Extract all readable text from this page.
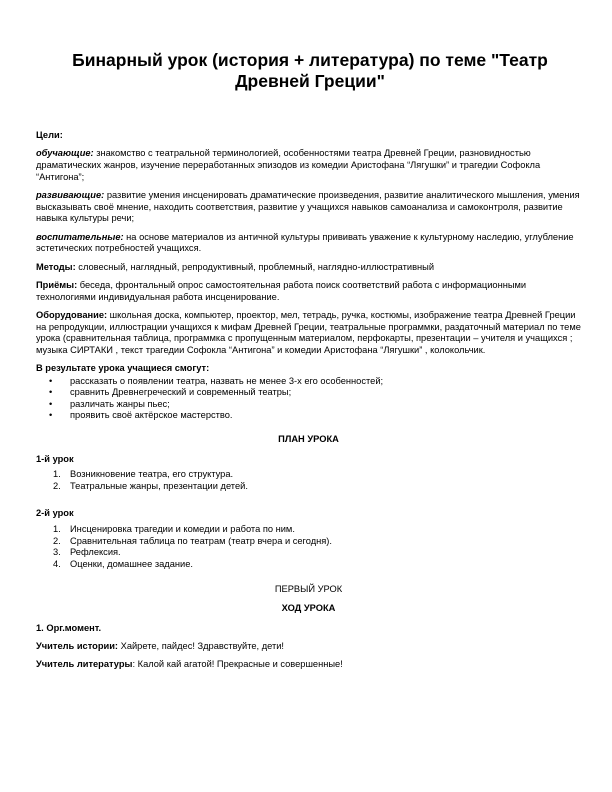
Бинарный урок (история + литература) по теме "Театр
Древней Греции"

Цели:

обучающие: знакомство с театральной терминологией, особенностями театра Древней Греции, разновидностью драматических жанров, изучение переработанных эпизодов из комедии Аристофана “Лягушки” и трагедии Софокла “Антигона”;

развивающие: развитие умения инсценировать драматические произведения, развитие аналитического мышления, умения высказывать своё мнение, находить соответствия, развитие у учащихся навыков самоанализа и самоконтроля, развитие навыка культуры речи;

воспитательные: на основе материалов из античной культуры прививать уважение к культурному наследию, углубление эстетических потребностей учащихся.

Методы: словесный, наглядный, репродуктивный, проблемный, наглядно-иллюстративный

Приёмы: беседа, фронтальный опрос самостоятельная работа поиск соответствий работа с информационными технологиями индивидуальная работа инсценирование.

Оборудование: школьная доска, компьютер, проектор, мел, тетрадь, ручка, костюмы, изображение театра Древней Греции на репродукции, иллюстрации учащихся к мифам Древней Греции, театральные программки, раздаточный материал по теме урока (сравнительная таблица, программка с пропущенным материалом, перфокарты, презентации – учителя и учащихся ; музыка СИРТАКИ , текст трагедии Софокла “Антигона” и комедии Аристофана “Лягушки” , колокольчик.

В результате урока учащиеся смогут:

• рассказать о появлении театра, назвать не менее 3-х его особенностей;
• сравнить Древнегреческий и современный театры;
• различать жанры пьес;
• проявить своё актёрское мастерство.

ПЛАН УРОКА

1-й урок

1. Возникновение театра, его структура.
2. Театральные жанры, презентации детей.

2-й урок

1. Инсценировка трагедии и комедии и работа по ним.
2. Сравнительная таблица по театрам (театр вчера и сегодня).
3. Рефлексия.
4. Оценки, домашнее задание.

ПЕРВЫЙ УРОК

ХОД УРОКА

1. Орг.момент.

Учитель истории: Хайрете, пайдес! Здравствуйте, дети!

Учитель литературы: Калой кай агатой! Прекрасные и совершенные!
